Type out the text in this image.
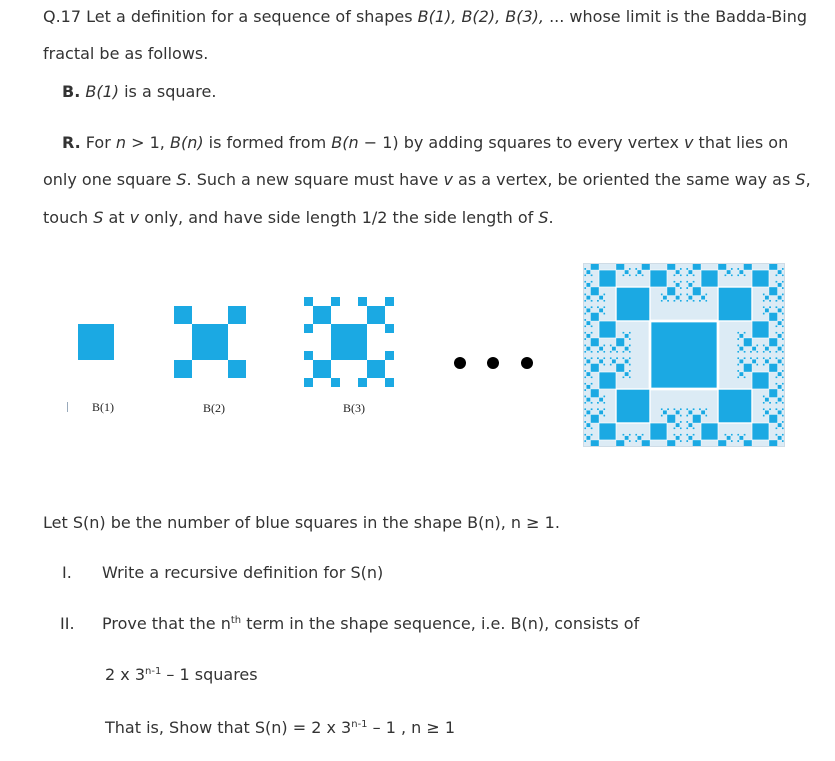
Q.17 Let a definition for a sequence of shapes B(1), B(2), B(3), ... whose limit is the Badda-Bing
fractal be as follows.
B. B(1) is a square.
R. For n > 1, B(n) is formed from B(n − 1) by adding squares to every vertex v that lies on
only one square S. Such a new square must have v as a vertex, be oriented the same way as S,
touch S at v only, and have side length 1/2 the side length of S.
B(1)	B(2)	B(3)
Let S(n) be the number of blue squares in the shape B(n), n ≥ 1.
I. Write a recursive definition for S(n)
II. Prove that the $n^{th}$ term in the shape sequence, i.e. B(n), consists of
2 x 3$^{n-1}$ – 1 squares
That is, Show that S(n) = 2 x 3$^{n-1}$ – 1 , n ≥ 1
